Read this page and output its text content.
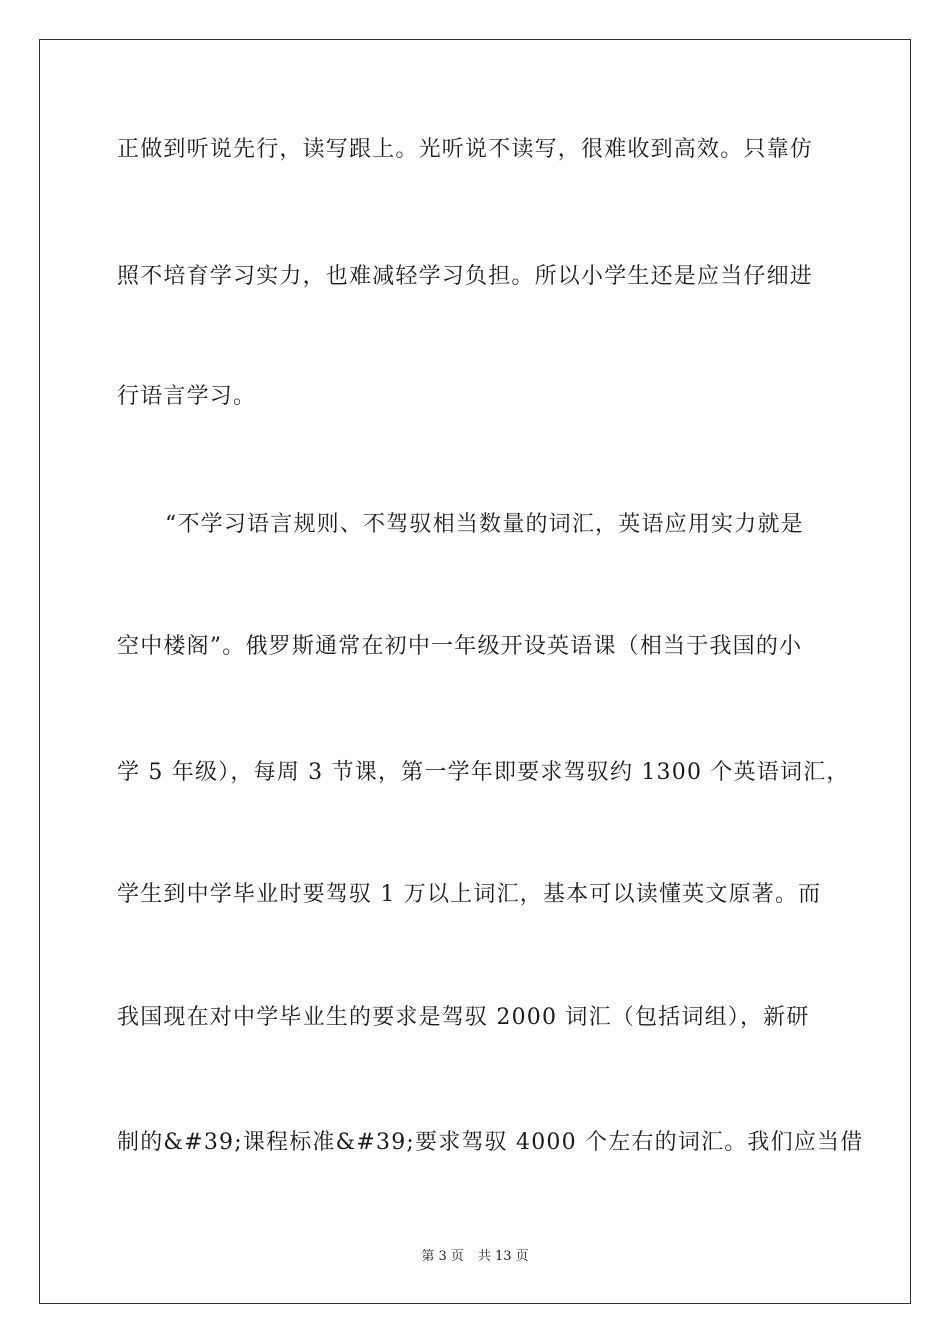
正做到听说先行，读写跟上。光听说不读写，很难收到高效。只靠仿
照不培育学习实力，也难减轻学习负担。所以小学生还是应当仔细进
行语言学习。
“不学习语言规则、不驾驭相当数量的词汇，英语应用实力就是
空中楼阁”。俄罗斯通常在初中一年级开设英语课（相当于我国的小
学 5 年级），每周 3 节课，第一学年即要求驾驭约 1300 个英语词汇，
学生到中学毕业时要驾驭 1 万以上词汇，基本可以读懂英文原著。而
我国现在对中学毕业生的要求是驾驭 2000 词汇（包括词组），新研
制的&#39;课程标准&#39;要求驾驭 4000 个左右的词汇。我们应当借
第 3 页 共 13 页
